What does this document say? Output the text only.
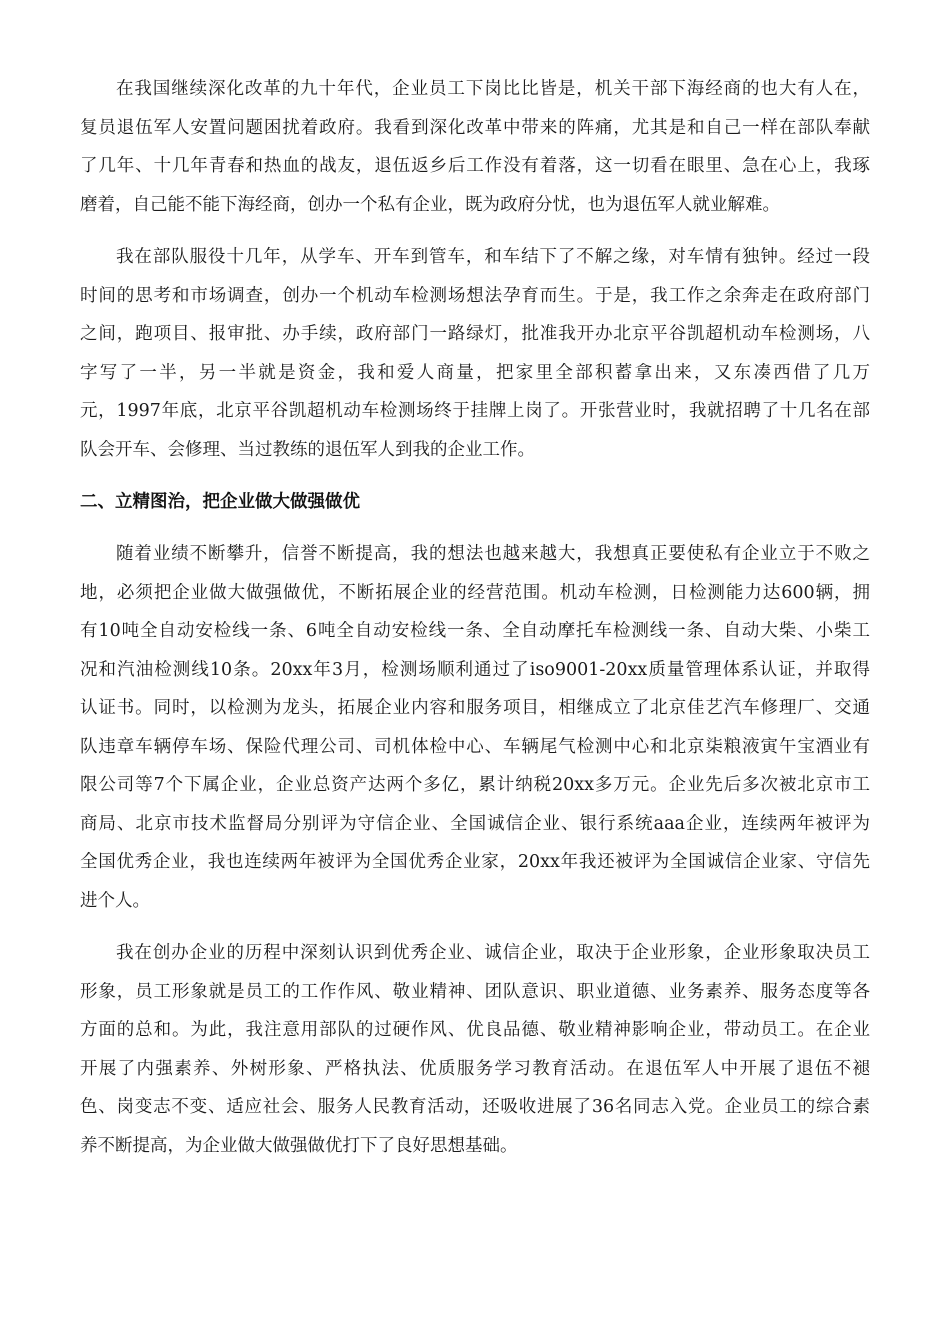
在我国继续深化改革的九十年代，企业员工下岗比比皆是，机关干部下海经商的也大有人在，
复员退伍军人安置问题困扰着政府。我看到深化改革中带来的阵痛，尤其是和自己一样在部队奉献
了几年、十几年青春和热血的战友，退伍返乡后工作没有着落，这一切看在眼里、急在心上，我琢
磨着，自己能不能下海经商，创办一个私有企业，既为政府分忧，也为退伍军人就业解难。
我在部队服役十几年，从学车、开车到管车，和车结下了不解之缘，对车情有独钟。经过一段
时间的思考和市场调查，创办一个机动车检测场想法孕育而生。于是，我工作之余奔走在政府部门
之间，跑项目、报审批、办手续，政府部门一路绿灯，批准我开办北京平谷凯超机动车检测场，八
字写了一半，另一半就是资金，我和爱人商量，把家里全部积蓄拿出来，又东凑西借了几万
元，1997年底，北京平谷凯超机动车检测场终于挂牌上岗了。开张营业时，我就招聘了十几名在部
队会开车、会修理、当过教练的退伍军人到我的企业工作。
二、立精图治，把企业做大做强做优
随着业绩不断攀升，信誉不断提高，我的想法也越来越大，我想真正要使私有企业立于不败之
地，必须把企业做大做强做优，不断拓展企业的经营范围。机动车检测，日检测能力达600辆，拥
有10吨全自动安检线一条、6吨全自动安检线一条、全自动摩托车检测线一条、自动大柴、小柴工
况和汽油检测线10条。20xx年3月，检测场顺利通过了iso9001-20xx质量管理体系认证，并取得
认证书。同时，以检测为龙头，拓展企业内容和服务项目，相继成立了北京佳艺汽车修理厂、交通
队违章车辆停车场、保险代理公司、司机体检中心、车辆尾气检测中心和北京柒粮液寅午宝酒业有
限公司等7个下属企业，企业总资产达两个多亿，累计纳税20xx多万元。企业先后多次被北京市工
商局、北京市技术监督局分别评为守信企业、全国诚信企业、银行系统aaa企业，连续两年被评为
全国优秀企业，我也连续两年被评为全国优秀企业家，20xx年我还被评为全国诚信企业家、守信先
进个人。
我在创办企业的历程中深刻认识到优秀企业、诚信企业，取决于企业形象，企业形象取决员工
形象，员工形象就是员工的工作作风、敬业精神、团队意识、职业道德、业务素养、服务态度等各
方面的总和。为此，我注意用部队的过硬作风、优良品德、敬业精神影响企业，带动员工。在企业
开展了内强素养、外树形象、严格执法、优质服务学习教育活动。在退伍军人中开展了退伍不褪
色、岗变志不变、适应社会、服务人民教育活动，还吸收进展了36名同志入党。企业员工的综合素
养不断提高，为企业做大做强做优打下了良好思想基础。
